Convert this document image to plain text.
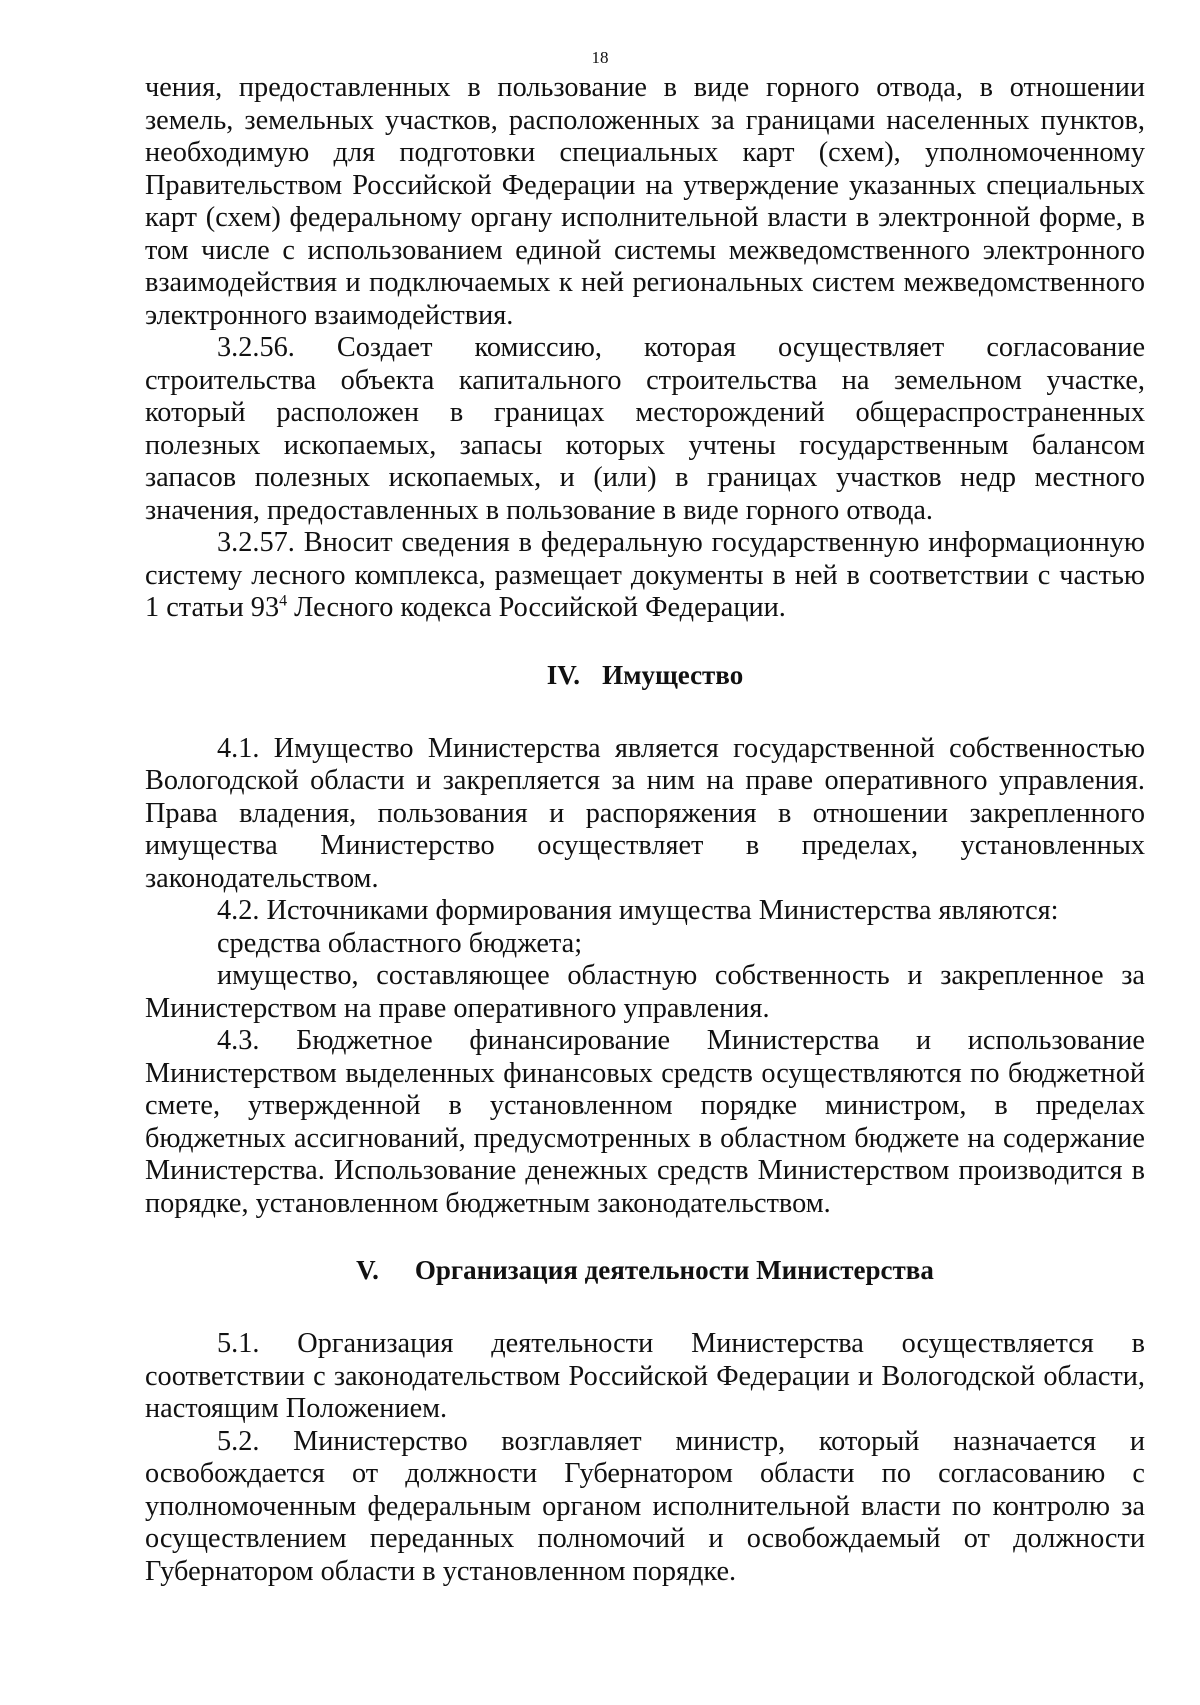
18

чения, предоставленных в пользование в виде горного отвода, в отношении земель, земельных участков, расположенных за границами населенных пунктов, необходимую для подготовки специальных карт (схем), уполномоченному Правительством Российской Федерации на утверждение указанных специальных карт (схем) федеральному органу исполнительной власти в электронной форме, в том числе с использованием единой системы межведомственного электронного взаимодействия и подключаемых к ней региональных систем межведомственного электронного взаимодействия.

3.2.56. Создает комиссию, которая осуществляет согласование строительства объекта капитального строительства на земельном участке, который расположен в границах месторождений общераспространенных полезных ископаемых, запасы которых учтены государственным балансом запасов полезных ископаемых, и (или) в границах участков недр местного значения, предоставленных в пользование в виде горного отвода.

3.2.57. Вносит сведения в федеральную государственную информационную систему лесного комплекса, размещает документы в ней в соответствии с частью 1 статьи $93^4$ Лесного кодекса Российской Федерации.

IV. Имущество

4.1. Имущество Министерства является государственной собственностью Вологодской области и закрепляется за ним на праве оперативного управления. Права владения, пользования и распоряжения в отношении закрепленного имущества Министерство осуществляет в пределах, установленных законодательством.

4.2. Источниками формирования имущества Министерства являются:

средства областного бюджета;

имущество, составляющее областную собственность и закрепленное за Министерством на праве оперативного управления.

4.3. Бюджетное финансирование Министерства и использование Министерством выделенных финансовых средств осуществляются по бюджетной смете, утвержденной в установленном порядке министром, в пределах бюджетных ассигнований, предусмотренных в областном бюджете на содержание Министерства. Использование денежных средств Министерством производится в порядке, установленном бюджетным законодательством.

V. Организация деятельности Министерства

5.1. Организация деятельности Министерства осуществляется в соответствии с законодательством Российской Федерации и Вологодской области, настоящим Положением.

5.2. Министерство возглавляет министр, который назначается и освобождается от должности Губернатором области по согласованию с уполномоченным федеральным органом исполнительной власти по контролю за осуществлением переданных полномочий и освобождаемый от должности Губернатором области в установленном порядке.
